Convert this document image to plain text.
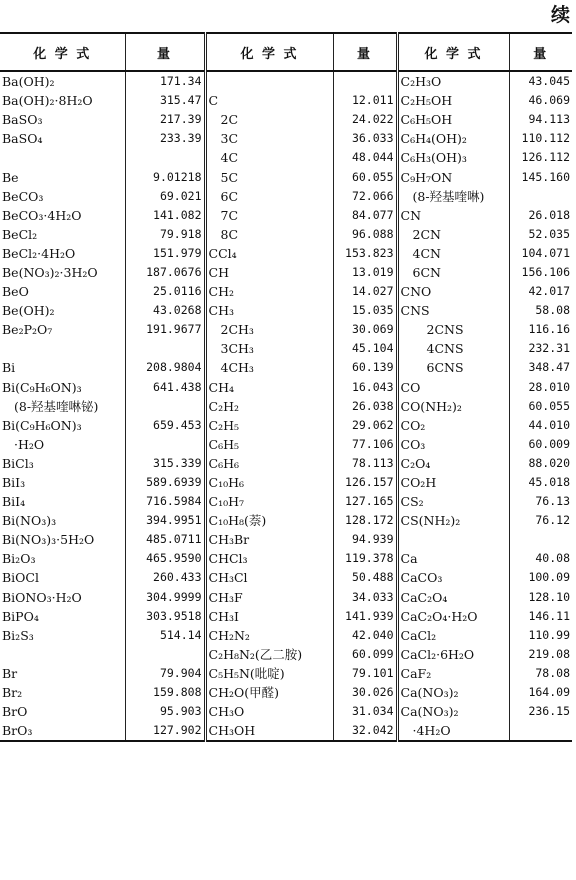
续
化 学 式	量	化 学 式	量	化 学 式	量
Ba(OH)₂	171.34			C₂H₃O	43.045
Ba(OH)₂·8H₂O	315.47	C	12.011	C₂H₅OH	46.069
BaSO₃	217.39	2C	24.022	C₆H₅OH	94.113
BaSO₄	233.39	3C	36.033	C₆H₄(OH)₂	110.112
		4C	48.044	C₆H₃(OH)₃	126.112
Be	9.01218	5C	60.055	C₉H₇ON	145.160
BeCO₃	69.021	6C	72.066	(8-羟基喹啉)	
BeCO₃·4H₂O	141.082	7C	84.077	CN	26.018
BeCl₂	79.918	8C	96.088	2CN	52.035
BeCl₂·4H₂O	151.979	CCl₄	153.823	4CN	104.071
Be(NO₃)₂·3H₂O	187.0676	CH	13.019	6CN	156.106
BeO	25.0116	CH₂	14.027	CNO	42.017
Be(OH)₂	43.0268	CH₃	15.035	CNS	58.08
Be₂P₂O₇	191.9677	2CH₃	30.069	2CNS	116.16
		3CH₃	45.104	4CNS	232.31
Bi	208.9804	4CH₃	60.139	6CNS	348.47
Bi(C₉H₆ON)₃	641.438	CH₄	16.043	CO	28.010
(8-羟基喹啉铋)		C₂H₂	26.038	CO(NH₂)₂	60.055
Bi(C₉H₆ON)₃	659.453	C₂H₅	29.062	CO₂	44.010
·H₂O		C₆H₅	77.106	CO₃	60.009
BiCl₃	315.339	C₆H₆	78.113	C₂O₄	88.020
BiI₃	589.6939	C₁₀H₆	126.157	CO₂H	45.018
BiI₄	716.5984	C₁₀H₇	127.165	CS₂	76.13
Bi(NO₃)₃	394.9951	C₁₀H₈(萘)	128.172	CS(NH₂)₂	76.12
Bi(NO₃)₃·5H₂O	485.0711	CH₃Br	94.939		
Bi₂O₃	465.9590	CHCl₃	119.378	Ca	40.08
BiOCl	260.433	CH₃Cl	50.488	CaCO₃	100.09
BiONO₃·H₂O	304.9999	CH₃F	34.033	CaC₂O₄	128.10
BiPO₄	303.9518	CH₃I	141.939	CaC₂O₄·H₂O	146.11
Bi₂S₃	514.14	CH₂N₂	42.040	CaCl₂	110.99
		C₂H₈N₂(乙二胺)	60.099	CaCl₂·6H₂O	219.08
Br	79.904	C₅H₅N(吡啶)	79.101	CaF₂	78.08
Br₂	159.808	CH₂O(甲醛)	30.026	Ca(NO₃)₂	164.09
BrO	95.903	CH₃O	31.034	Ca(NO₃)₂	236.15
BrO₃	127.902	CH₃OH	32.042	·4H₂O	
